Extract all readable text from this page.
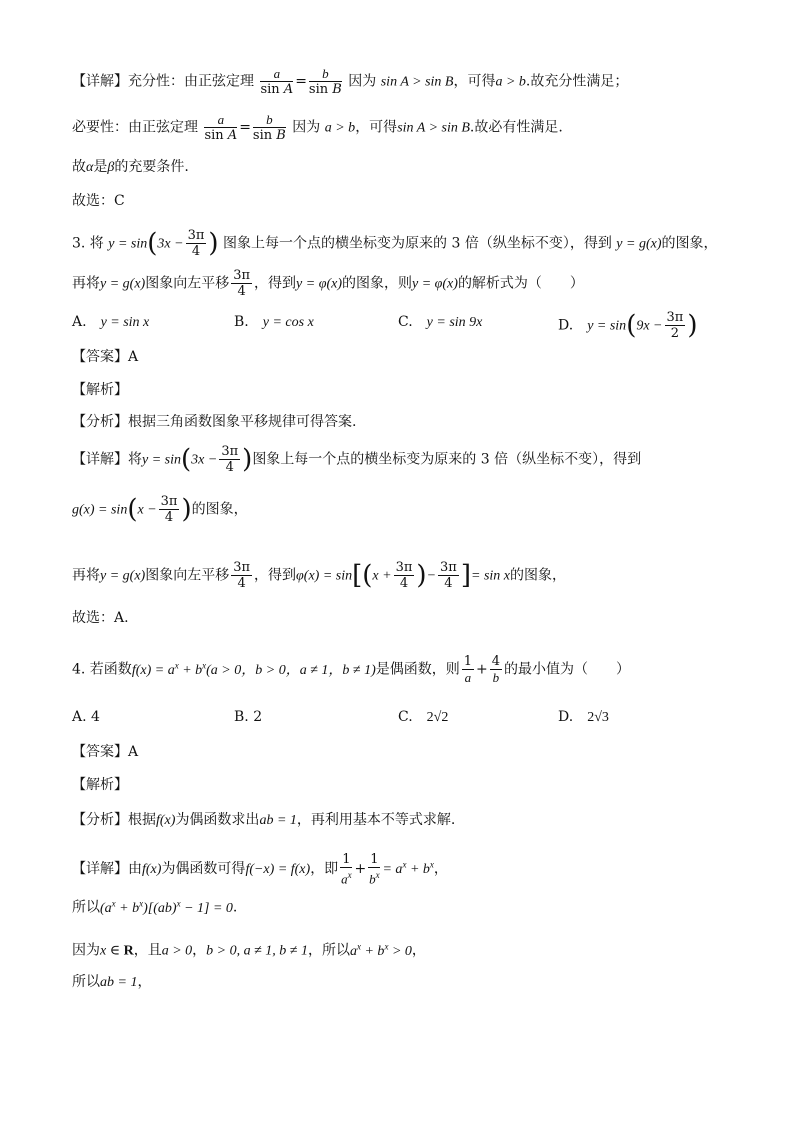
【详解】充分性：由正弦定理 $\frac{a}{\text{sin A}} = \frac{b}{\text{sin B}}$ 因为 sin A > sin B，可得a > b.故充分性满足；
必要性：由正弦定理 $\frac{a}{\text{sin A}} = \frac{b}{\text{sin B}}$ 因为 a > b，可得sin A > sin B.故必有性满足.
故α是β的充要条件.
故选：C
3. 将 $y = \sin(3x - \frac{3\pi}{4}$ ) 图象上每一个点的横坐标变为原来的 3 倍（纵坐标不变），得到 y = g(x)的图象，
再将y = g(x)图象向左平移 $\frac{3\pi}{4}$ ，得到y = φ(x)的图象，则y = φ(x)的解析式为（　　）
A.　 y = sin x	B.　 y = cos x	C.　 y = sin 9x	D.　 $y = \sin(9x - \frac{3\pi}{2}$ )
【答案】A
【解析】
【分析】根据三角函数图象平移规律可得答案.
【详解】将$y = \sin(3x - \frac{3\pi}{4}$ )图象上每一个点的横坐标变为原来的 3 倍（纵坐标不变），得到
$g(x) = \sin(x - \frac{3\pi}{4}$ )的图象，
再将y = g(x)图象向左平移 $\frac{3\pi}{4}$ ，得到$\varphi(x) = \sin[(x + \frac{3\pi}{4}$ )− $\frac{3\pi}{4}$ ]= sin x的图象，
故选：A.
4. 若函数$f(x) = a^x + b^x(a > 0$，b > 0，a ≠ 1，b ≠ 1)是偶函数，则 $\frac{1}{a} + \frac{4}{b}$ 的最小值为（　　）
A. 4	B. 2	C.　 2√2	D.　 2√3
【答案】A
【解析】
【分析】根据f(x)为偶函数求出ab = 1，再利用基本不等式求解.
【详解】由f(x)为偶函数可得f(−x) = f(x)，即 $\frac{1}{a^x} + \frac{1}{b^x} = a^x + b^x$，
所以$(a^x + b^x)[(ab)^x - 1] = 0$.
因为x ∈ R，且a > 0，b > 0, a ≠ 1, b ≠ 1，所以$a^x + b^x > 0$，
所以ab = 1，
